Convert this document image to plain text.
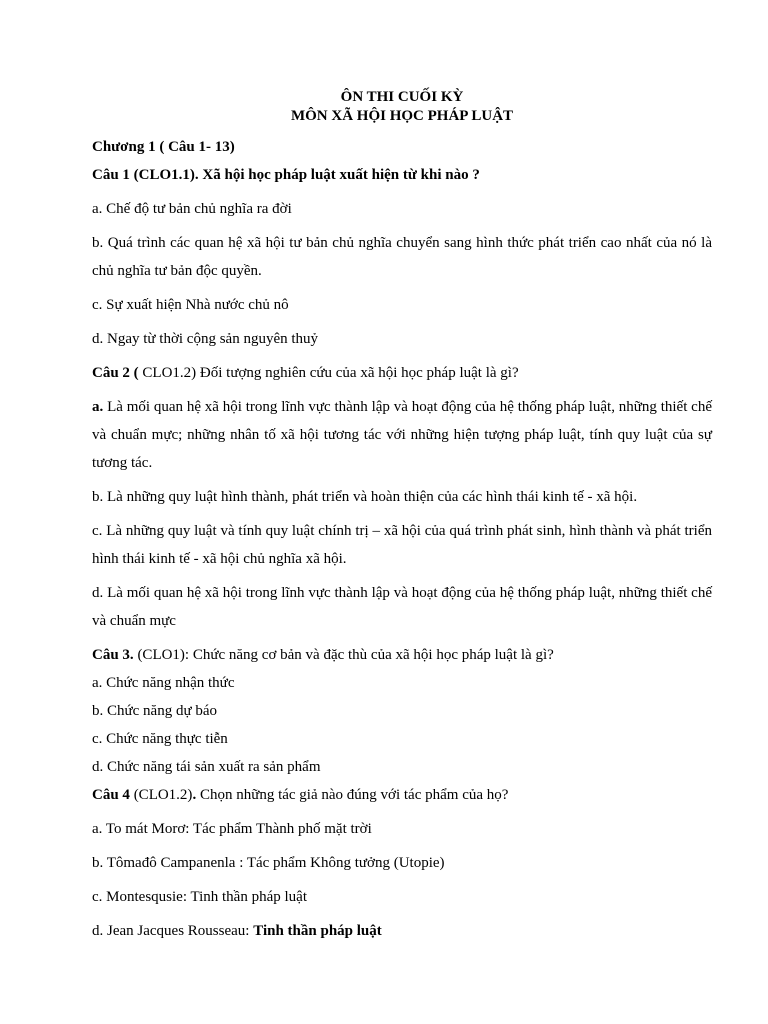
ÔN THI CUỐI KỲ
MÔN XÃ HỘI HỌC PHÁP LUẬT

Chương 1 ( Câu 1- 13)

Câu 1 (CLO1.1). Xã hội học pháp luật xuất hiện từ khi nào ?

a. Chế độ tư bản chủ nghĩa ra đời

b. Quá trình các quan hệ xã hội tư bản chủ nghĩa chuyển sang hình thức phát triển cao nhất của nó là chủ nghĩa tư bản độc quyền.

c. Sự xuất hiện Nhà nước chủ nô

d. Ngay từ thời cộng sản nguyên thuỷ

Câu 2 ( CLO1.2) Đối tượng nghiên cứu của xã hội học pháp luật là gì?

a. Là mối quan hệ xã hội trong lĩnh vực thành lập và hoạt động của hệ thống pháp luật, những thiết chế và chuẩn mực; những nhân tố xã hội tương tác với những hiện tượng pháp luật, tính quy luật của sự tương tác.

b. Là những quy luật hình thành, phát triển và hoàn thiện của các hình thái kinh tế - xã hội.

c. Là những quy luật và tính quy luật chính trị – xã hội của quá trình phát sinh, hình thành và phát triển hình thái kinh tế - xã hội chủ nghĩa xã hội.

d. Là mối quan hệ xã hội trong lĩnh vực thành lập và hoạt động của hệ thống pháp luật, những thiết chế và chuẩn mực

Câu 3. (CLO1): Chức năng cơ bản và đặc thù của xã hội học pháp luật là gì?

a. Chức năng nhận thức

b. Chức năng dự báo

c. Chức năng thực tiễn

d. Chức năng tái sản xuất ra sản phẩm

Câu 4 (CLO1.2). Chọn những tác giả nào đúng với tác phẩm của họ?

a. To mát Morơ: Tác phẩm Thành phố mặt trời

b. Tômađô Campanenla : Tác phẩm Không tưởng (Utopie)

c. Montesqusie: Tinh thần pháp luật

d. Jean Jacques Rousseau: Tinh thần pháp luật
